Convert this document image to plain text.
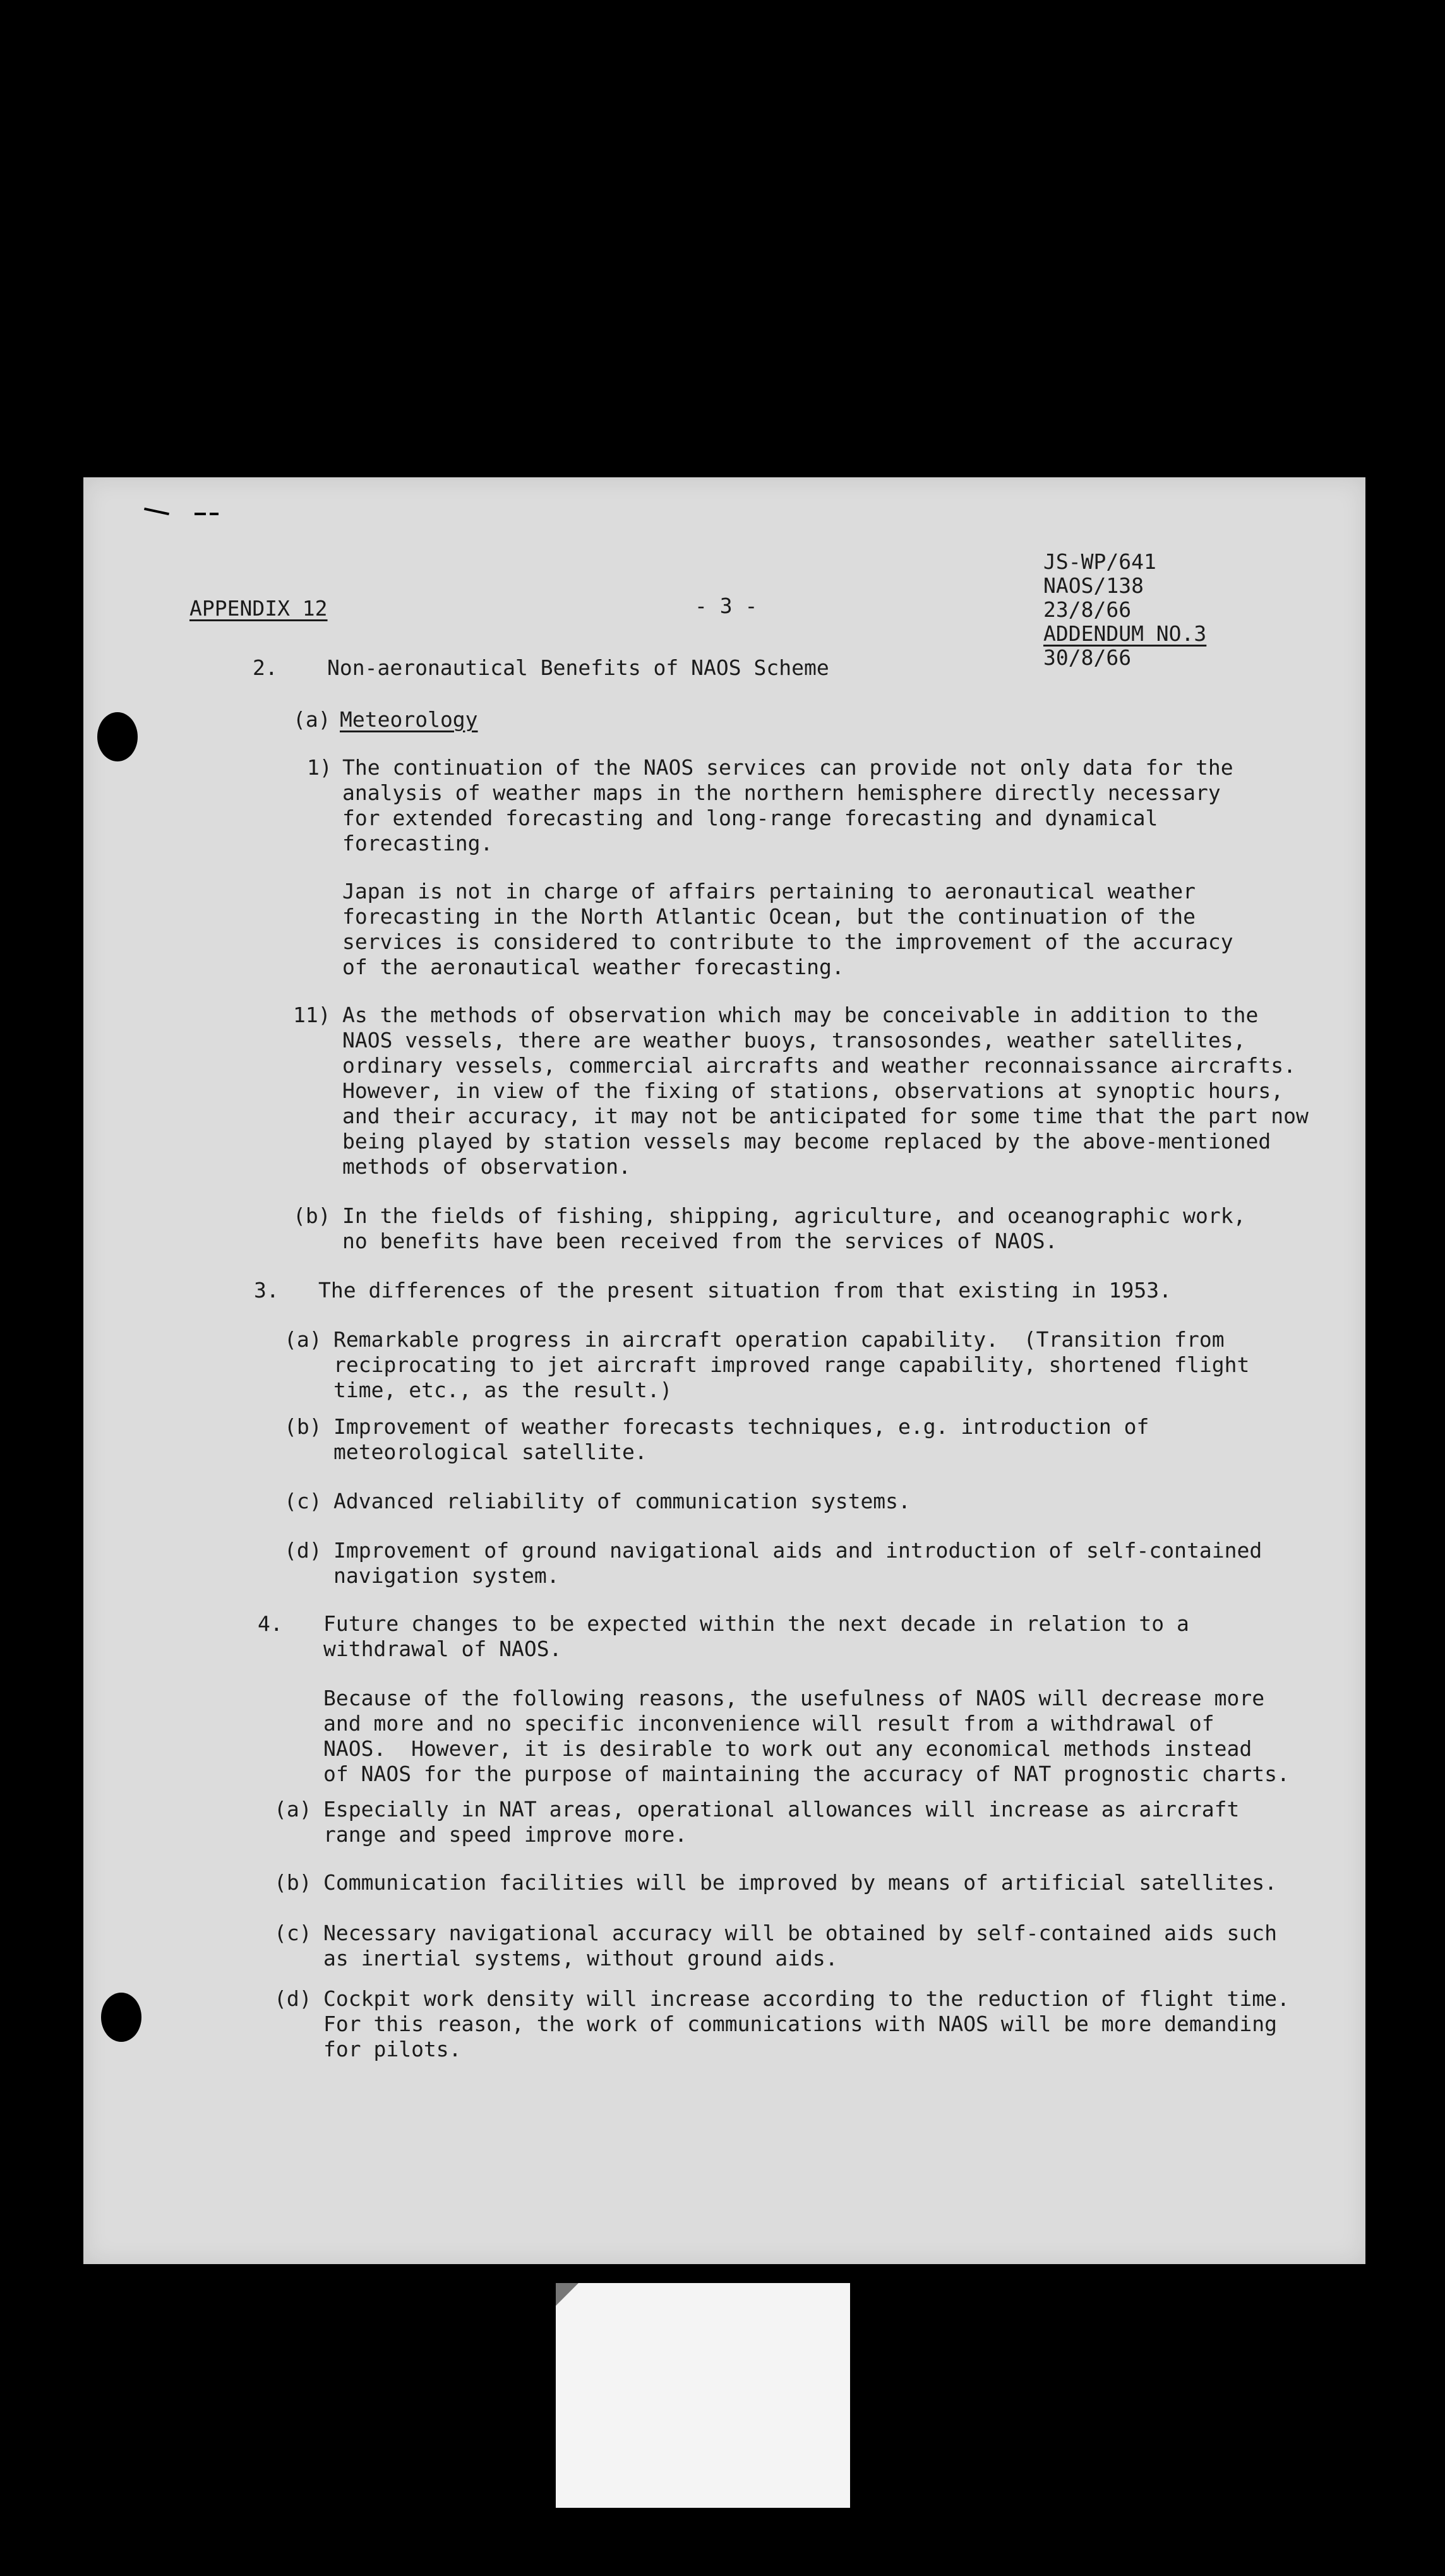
APPENDIX 12	- 3 -
JS-WP/641
NAOS/138
23/8/66
ADDENDUM NO.3
30/8/66
2. Non-aeronautical Benefits of NAOS Scheme
(a) Meteorology
1) The continuation of the NAOS services can provide not only data for the
analysis of weather maps in the northern hemisphere directly necessary
for extended forecasting and long-range forecasting and dynamical
forecasting.
Japan is not in charge of affairs pertaining to aeronautical weather
forecasting in the North Atlantic Ocean, but the continuation of the
services is considered to contribute to the improvement of the accuracy
of the aeronautical weather forecasting.
11) As the methods of observation which may be conceivable in addition to the
NAOS vessels, there are weather buoys, transosondes, weather satellites,
ordinary vessels, commercial aircrafts and weather reconnaissance aircrafts.
However, in view of the fixing of stations, observations at synoptic hours,
and their accuracy, it may not be anticipated for some time that the part now
being played by station vessels may become replaced by the above-mentioned
methods of observation.
(b) In the fields of fishing, shipping, agriculture, and oceanographic work,
no benefits have been received from the services of NAOS.
3. The differences of the present situation from that existing in 1953.
(a) Remarkable progress in aircraft operation capability.  (Transition from
reciprocating to jet aircraft improved range capability, shortened flight
time, etc., as the result.)
(b) Improvement of weather forecasts techniques, e.g. introduction of
meteorological satellite.
(c) Advanced reliability of communication systems.
(d) Improvement of ground navigational aids and introduction of self-contained
navigation system.
4. Future changes to be expected within the next decade in relation to a
withdrawal of NAOS.
Because of the following reasons, the usefulness of NAOS will decrease more
and more and no specific inconvenience will result from a withdrawal of
NAOS.  However, it is desirable to work out any economical methods instead
of NAOS for the purpose of maintaining the accuracy of NAT prognostic charts.
(a) Especially in NAT areas, operational allowances will increase as aircraft
range and speed improve more.
(b) Communication facilities will be improved by means of artificial satellites.
(c) Necessary navigational accuracy will be obtained by self-contained aids such
as inertial systems, without ground aids.
(d) Cockpit work density will increase according to the reduction of flight time.
For this reason, the work of communications with NAOS will be more demanding
for pilots.
